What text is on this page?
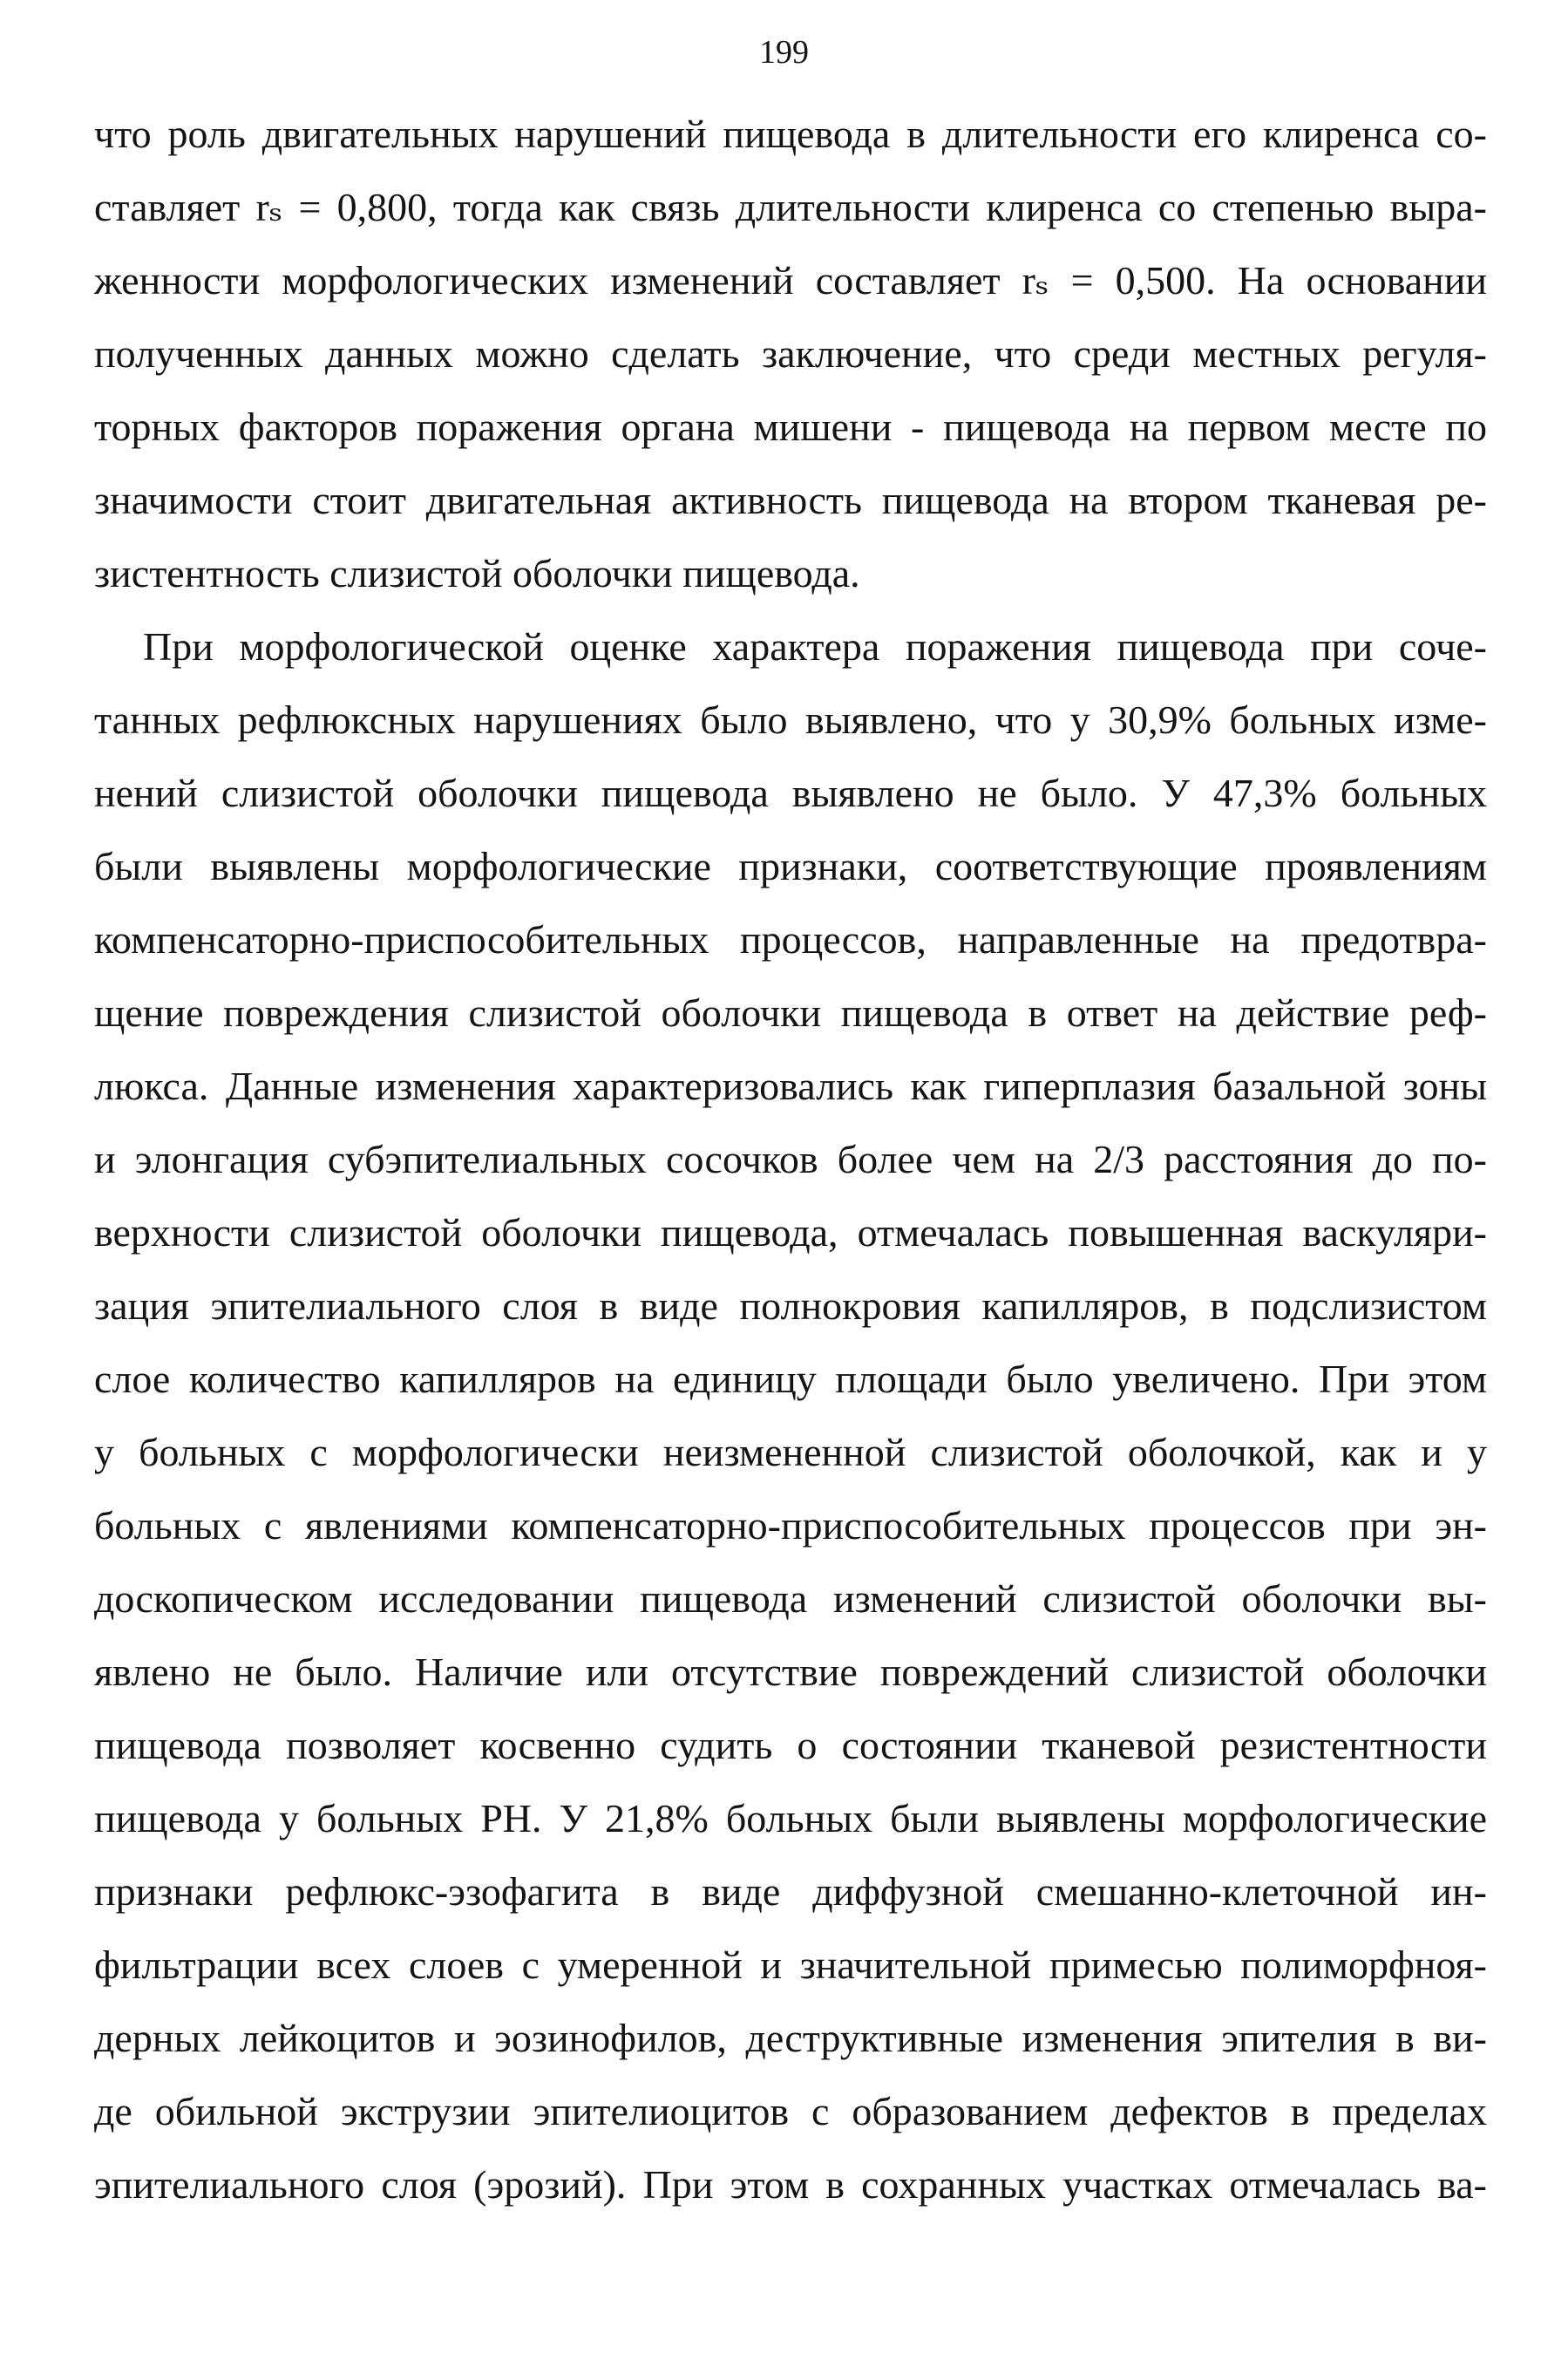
199
что роль двигательных нарушений пищевода в длительности его клиренса со-
ставляет rₛ = 0,800, тогда как связь длительности клиренса со степенью выра-
женности морфологических изменений составляет rₛ = 0,500. На основании
полученных данных можно сделать заключение, что среди местных регуля-
торных факторов поражения органа мишени - пищевода на первом месте по
значимости стоит двигательная активность пищевода на втором тканевая ре-
зистентность слизистой оболочки пищевода.
При морфологической оценке характера поражения пищевода при соче-
танных рефлюксных нарушениях было выявлено, что у 30,9% больных изме-
нений слизистой оболочки пищевода выявлено не было. У 47,3% больных
были выявлены морфологические признаки, соответствующие проявлениям
компенсаторно-приспособительных процессов, направленные на предотвра-
щение повреждения слизистой оболочки пищевода в ответ на действие реф-
люкса. Данные изменения характеризовались как гиперплазия базальной зоны
и элонгация субэпителиальных сосочков более чем на 2/3 расстояния до по-
верхности слизистой оболочки пищевода, отмечалась повышенная васкуляри-
зация эпителиального слоя в виде полнокровия капилляров, в подслизистом
слое количество капилляров на единицу площади было увеличено. При этом
у больных с морфологически неизмененной слизистой оболочкой, как и у
больных с явлениями компенсаторно-приспособительных процессов при эн-
доскопическом исследовании пищевода изменений слизистой оболочки вы-
явлено не было. Наличие или отсутствие повреждений слизистой оболочки
пищевода позволяет косвенно судить о состоянии тканевой резистентности
пищевода у больных РН. У 21,8% больных были выявлены морфологические
признаки рефлюкс-эзофагита в виде диффузной смешанно-клеточной ин-
фильтрации всех слоев с умеренной и значительной примесью полиморфноя-
дерных лейкоцитов и эозинофилов, деструктивные изменения эпителия в ви-
де обильной экструзии эпителиоцитов с образованием дефектов в пределах
эпителиального слоя (эрозий). При этом в сохранных участках отмечалась ва-
